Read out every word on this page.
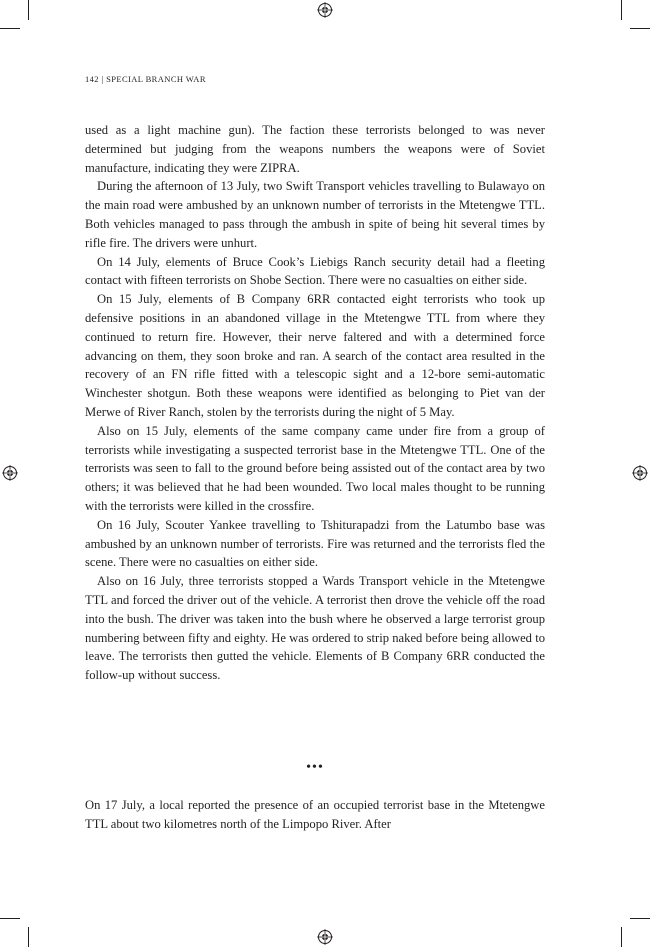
142 | SPECIAL BRANCH WAR

used as a light machine gun). The faction these terrorists belonged to was never determined but judging from the weapons numbers the weapons were of Soviet manufacture, indicating they were ZIPRA.

During the afternoon of 13 July, two Swift Transport vehicles travelling to Bulawayo on the main road were ambushed by an unknown number of terrorists in the Mtetengwe TTL. Both vehicles managed to pass through the ambush in spite of being hit several times by rifle fire. The drivers were unhurt.

On 14 July, elements of Bruce Cook’s Liebigs Ranch security detail had a fleeting contact with fifteen terrorists on Shobe Section. There were no casualties on either side.

On 15 July, elements of B Company 6RR contacted eight terrorists who took up defensive positions in an abandoned village in the Mtetengwe TTL from where they continued to return fire. However, their nerve faltered and with a determined force advancing on them, they soon broke and ran. A search of the contact area resulted in the recovery of an FN rifle fitted with a telescopic sight and a 12-bore semi-automatic Winchester shotgun. Both these weapons were identified as belonging to Piet van der Merwe of River Ranch, stolen by the terrorists during the night of 5 May.

Also on 15 July, elements of the same company came under fire from a group of terrorists while investigating a suspected terrorist base in the Mtetengwe TTL. One of the terrorists was seen to fall to the ground before being assisted out of the contact area by two others; it was believed that he had been wounded. Two local males thought to be running with the terrorists were killed in the crossfire.

On 16 July, Scouter Yankee travelling to Tshiturapadzi from the Latumbo base was ambushed by an unknown number of terrorists. Fire was returned and the terrorists fled the scene. There were no casualties on either side.

Also on 16 July, three terrorists stopped a Wards Transport vehicle in the Mtetengwe TTL and forced the driver out of the vehicle. A terrorist then drove the vehicle off the road into the bush. The driver was taken into the bush where he observed a large terrorist group numbering between fifty and eighty. He was ordered to strip naked before being allowed to leave. The terrorists then gutted the vehicle. Elements of B Company 6RR conducted the follow-up without success.

•••

On 17 July, a local reported the presence of an occupied terrorist base in the Mtetengwe TTL about two kilometres north of the Limpopo River. After
